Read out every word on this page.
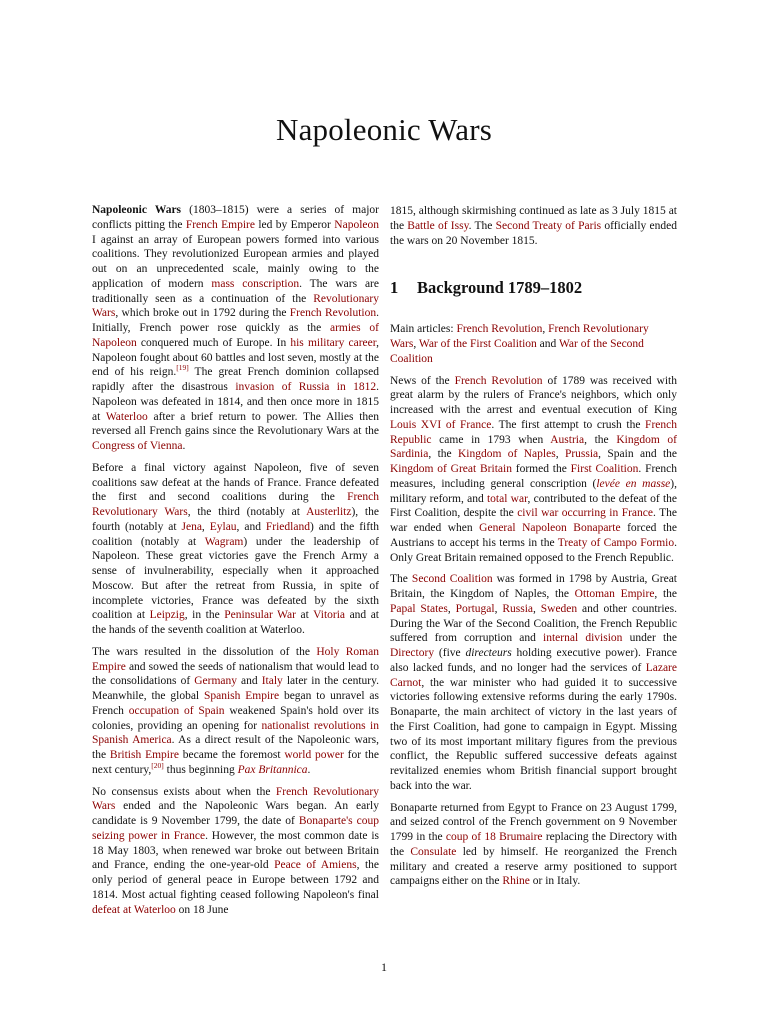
Napoleonic Wars

Napoleonic Wars (1803–1815) were a series of major conflicts pitting the French Empire led by Emperor Napoleon I against an array of European powers formed into various coalitions. They revolutionized European armies and played out on an unprecedented scale, mainly owing to the application of modern mass conscription. The wars are traditionally seen as a continuation of the Revolutionary Wars, which broke out in 1792 during the French Revolution. Initially, French power rose quickly as the armies of Napoleon conquered much of Europe. In his military career, Napoleon fought about 60 battles and lost seven, mostly at the end of his reign.[19] The great French dominion collapsed rapidly after the disastrous invasion of Russia in 1812. Napoleon was defeated in 1814, and then once more in 1815 at Waterloo after a brief return to power. The Allies then reversed all French gains since the Revolutionary Wars at the Congress of Vienna.

Before a final victory against Napoleon, five of seven coalitions saw defeat at the hands of France. France defeated the first and second coalitions during the French Revolutionary Wars, the third (notably at Austerlitz), the fourth (notably at Jena, Eylau, and Friedland) and the fifth coalition (notably at Wagram) under the leadership of Napoleon. These great victories gave the French Army a sense of invulnerability, especially when it approached Moscow. But after the retreat from Russia, in spite of incomplete victories, France was defeated by the sixth coalition at Leipzig, in the Peninsular War at Vitoria and at the hands of the seventh coalition at Waterloo.

The wars resulted in the dissolution of the Holy Roman Empire and sowed the seeds of nationalism that would lead to the consolidations of Germany and Italy later in the century. Meanwhile, the global Spanish Empire began to unravel as French occupation of Spain weakened Spain's hold over its colonies, providing an opening for nationalist revolutions in Spanish America. As a direct result of the Napoleonic wars, the British Empire became the foremost world power for the next century,[20] thus beginning Pax Britannica.

No consensus exists about when the French Revolutionary Wars ended and the Napoleonic Wars began. An early candidate is 9 November 1799, the date of Bonaparte's coup seizing power in France. However, the most common date is 18 May 1803, when renewed war broke out between Britain and France, ending the one-year-old Peace of Amiens, the only period of general peace in Europe between 1792 and 1814. Most actual fighting ceased following Napoleon's final defeat at Waterloo on 18 June

1815, although skirmishing continued as late as 3 July 1815 at the Battle of Issy. The Second Treaty of Paris officially ended the wars on 20 November 1815.

1 Background 1789–1802

Main articles: French Revolution, French Revolutionary Wars, War of the First Coalition and War of the Second Coalition

News of the French Revolution of 1789 was received with great alarm by the rulers of France's neighbors, which only increased with the arrest and eventual execution of King Louis XVI of France. The first attempt to crush the French Republic came in 1793 when Austria, the Kingdom of Sardinia, the Kingdom of Naples, Prussia, Spain and the Kingdom of Great Britain formed the First Coalition. French measures, including general conscription (levée en masse), military reform, and total war, contributed to the defeat of the First Coalition, despite the civil war occurring in France. The war ended when General Napoleon Bonaparte forced the Austrians to accept his terms in the Treaty of Campo Formio. Only Great Britain remained opposed to the French Republic.

The Second Coalition was formed in 1798 by Austria, Great Britain, the Kingdom of Naples, the Ottoman Empire, the Papal States, Portugal, Russia, Sweden and other countries. During the War of the Second Coalition, the French Republic suffered from corruption and internal division under the Directory (five directeurs holding executive power). France also lacked funds, and no longer had the services of Lazare Carnot, the war minister who had guided it to successive victories following extensive reforms during the early 1790s. Bonaparte, the main architect of victory in the last years of the First Coalition, had gone to campaign in Egypt. Missing two of its most important military figures from the previous conflict, the Republic suffered successive defeats against revitalized enemies whom British financial support brought back into the war.

Bonaparte returned from Egypt to France on 23 August 1799, and seized control of the French government on 9 November 1799 in the coup of 18 Brumaire replacing the Directory with the Consulate led by himself. He reorganized the French military and created a reserve army positioned to support campaigns either on the Rhine or in Italy.

1
